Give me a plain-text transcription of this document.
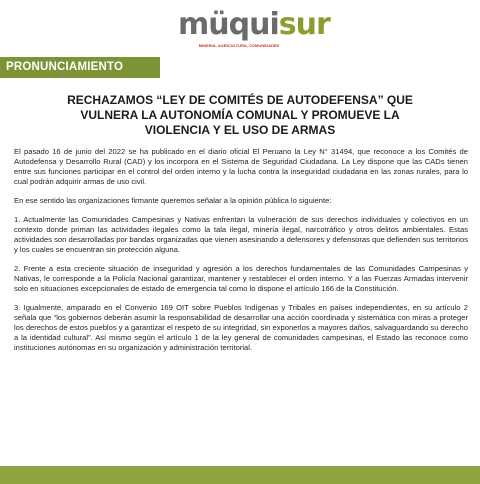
müquisur
MINERIA, AGRICULTURA, COMUNIDADES
PRONUNCIAMIENTO
RECHAZAMOS “LEY DE COMITÉS DE AUTODEFENSA” QUE
VULNERA LA AUTONOMÍA COMUNAL Y PROMUEVE LA
VIOLENCIA Y EL USO DE ARMAS

El pasado 16 de junio del 2022 se ha publicado en el diario oficial El Peruano la Ley N° 31494, que reconoce a los Comités de Autodefensa y Desarrollo Rural (CAD) y los incorpora en el Sistema de Seguridad Ciudadana. La Ley dispone que las CADs tienen entre sus funciones participar en el control del orden interno y la lucha contra la inseguridad ciudadana en las zonas rurales, para lo cual podrán adquirir armas de uso civil.

En ese sentido las organizaciones firmante queremos señalar a la opinión pública lo siguiente:

1. Actualmente las Comunidades Campesinas y Nativas enfrentan la vulneración de sus derechos individuales y colectivos en un contexto donde priman las actividades ilegales como la tala ilegal, minería ilegal, narcotráfico y otros delitos ambientales. Estas actividades son desarrolladas por bandas organizadas que vienen asesinando a defensores y defensoras que defienden sus territorios y los cuales se encuentran sin protección alguna.

2. Frente a esta creciente situación de inseguridad y agresión a los derechos fundamentales de las Comunidades Campesinas y Nativas, le corresponde a la Policía Nacional garantizar, mantener y restablecer el orden interno. Y a las Fuerzas Armadas intervenir solo en situaciones excepcionales de estado de emergencia tal como lo dispone el artículo 166 de la Constitución.

3. Igualmente, amparado en el Convenio 169 OIT sobre Pueblos Indígenas y Tribales en países independientes, en su artículo 2 señala que “los gobiernos deberán asumir la responsabilidad de desarrollar una acción coordinada y sistemática con miras a proteger los derechos de estos pueblos y a garantizar el respeto de su integridad, sin exponerlos a mayores daños, salvaguardando su derecho a la identidad cultural”. Así mismo según el artículo 1 de la ley general de comunidades campesinas, el Estado las reconoce como instituciones autónomas en su organización y administración territorial.
